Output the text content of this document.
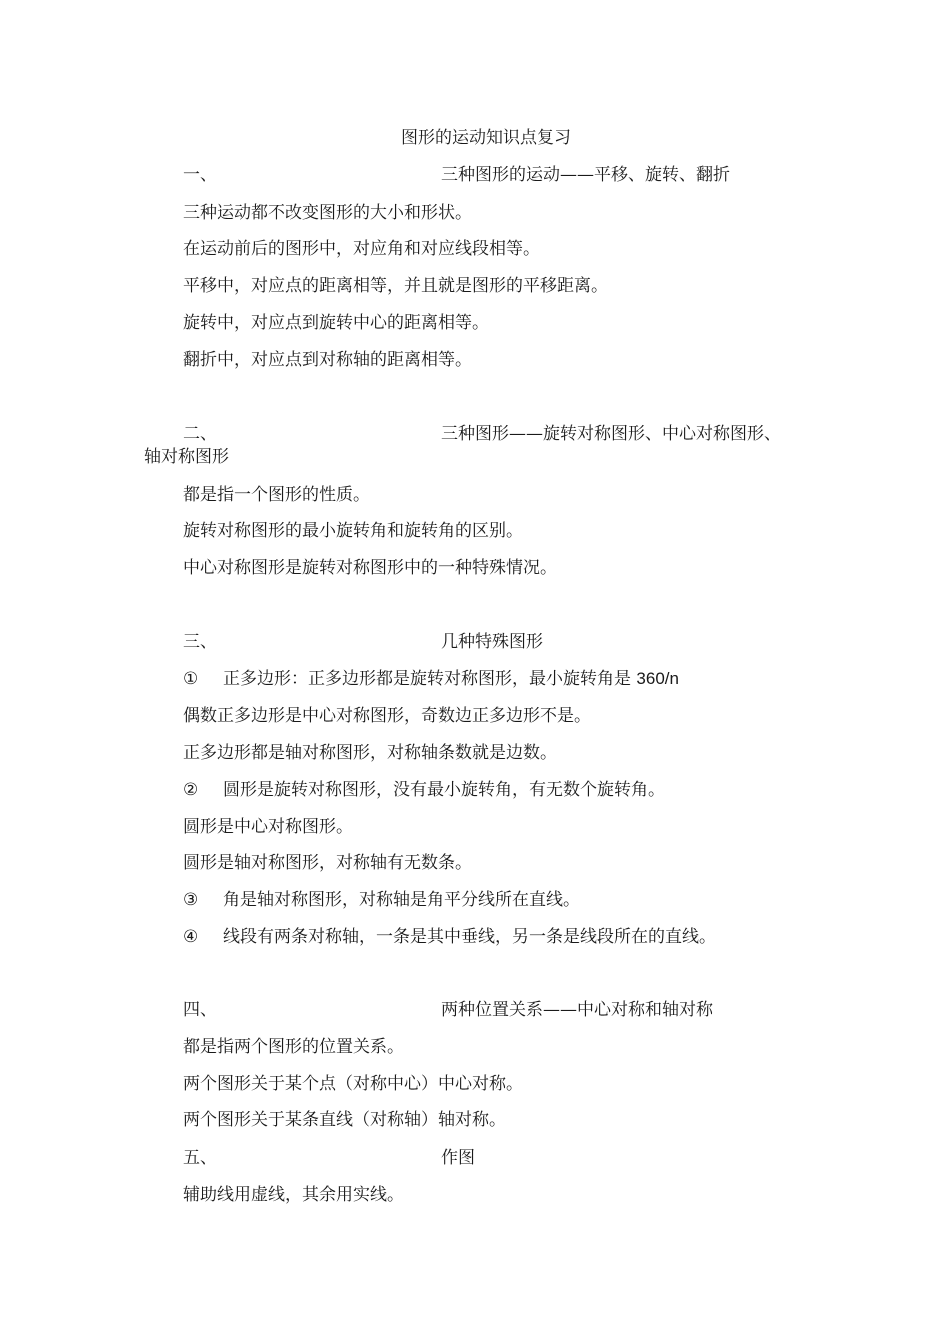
图形的运动知识点复习
一、	三种图形的运动——平移、旋转、翻折
三种运动都不改变图形的大小和形状。
在运动前后的图形中，对应角和对应线段相等。
平移中，对应点的距离相等，并且就是图形的平移距离。
旋转中，对应点到旋转中心的距离相等。
翻折中，对应点到对称轴的距离相等。
二、	三种图形——旋转对称图形、中心对称图形、
轴对称图形
都是指一个图形的性质。
旋转对称图形的最小旋转角和旋转角的区别。
中心对称图形是旋转对称图形中的一种特殊情况。
三、	几种特殊图形
① 正多边形：正多边形都是旋转对称图形，最小旋转角是 360/n
偶数正多边形是中心对称图形，奇数边正多边形不是。
正多边形都是轴对称图形，对称轴条数就是边数。
② 圆形是旋转对称图形，没有最小旋转角，有无数个旋转角。
圆形是中心对称图形。
圆形是轴对称图形，对称轴有无数条。
③ 角是轴对称图形，对称轴是角平分线所在直线。
④ 线段有两条对称轴，一条是其中垂线，另一条是线段所在的直线。
四、	两种位置关系——中心对称和轴对称
都是指两个图形的位置关系。
两个图形关于某个点（对称中心）中心对称。
两个图形关于某条直线（对称轴）轴对称。
五、	作图
辅助线用虚线，其余用实线。
